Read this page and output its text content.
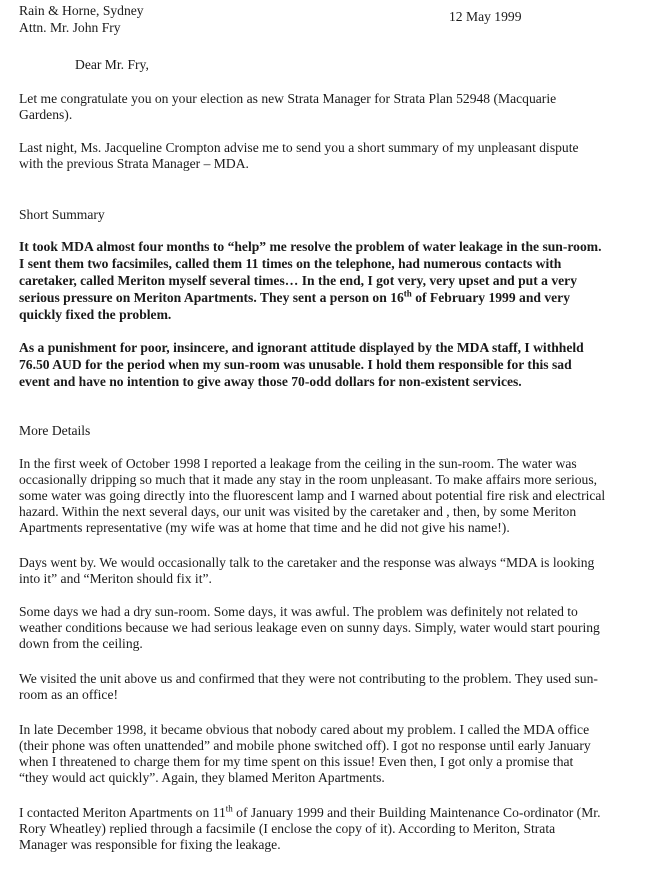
Rain & Horne, Sydney
Attn. Mr. John Fry
12 May 1999
Dear Mr. Fry,
Let me congratulate you on your election as new Strata Manager for Strata Plan 52948 (Macquarie
Gardens).
Last night, Ms. Jacqueline Crompton advise me to send you a short summary of my unpleasant dispute
with the previous Strata Manager – MDA.
Short Summary
It took MDA almost four months to “help” me resolve the problem of water leakage in the sun-room.
I sent them two facsimiles, called them 11 times on the telephone, had numerous contacts with
caretaker, called Meriton myself several times… In the end, I got very, very upset and put a very
serious pressure on Meriton Apartments. They sent a person on 16th of February 1999 and very
quickly fixed the problem.
As a punishment for poor, insincere, and ignorant attitude displayed by the MDA staff, I withheld
76.50 AUD for the period when my sun-room was unusable. I hold them responsible for this sad
event and have no intention to give away those 70-odd dollars for non-existent services.
More Details
In the first week of October 1998 I reported a leakage from the ceiling in the sun-room. The water was
occasionally dripping so much that it made any stay in the room unpleasant. To make affairs more serious,
some water was going directly into the fluorescent lamp and I warned about potential fire risk and electrical
hazard. Within the next several days, our unit was visited by the caretaker and , then, by some Meriton
Apartments representative (my wife was at home that time and he did not give his name!).
Days went by. We would occasionally talk to the caretaker and the response was always “MDA is looking
into it” and “Meriton should fix it”.
Some days we had a dry sun-room. Some days, it was awful. The problem was definitely not related to
weather conditions because we had serious leakage even on sunny days. Simply, water would start pouring
down from the ceiling.
We visited the unit above us and confirmed that they were not contributing to the problem. They used sun-
room as an office!
In late December 1998, it became obvious that nobody cared about my problem. I called the MDA office
(their phone was often unattended” and mobile phone switched off). I got no response until early January
when I threatened to charge them for my time spent on this issue! Even then, I got only a promise that
“they would act quickly”. Again, they blamed Meriton Apartments.
I contacted Meriton Apartments on 11th of January 1999 and their Building Maintenance Co-ordinator (Mr.
Rory Wheatley) replied through a facsimile (I enclose the copy of it). According to Meriton, Strata
Manager was responsible for fixing the leakage.
